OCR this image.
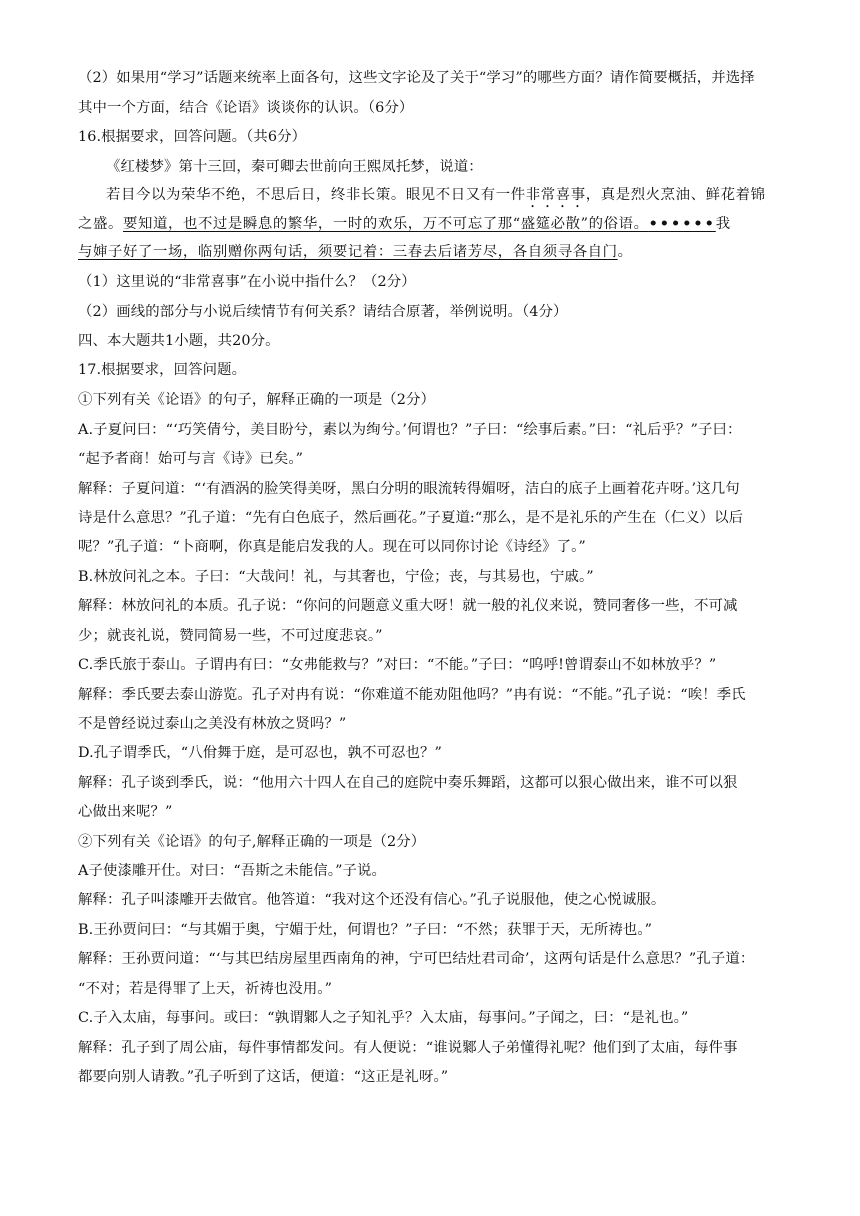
（2）如果用“学习”话题来统率上面各句，这些文字论及了关于“学习”的哪些方面？请作简要概括，并选择
其中一个方面，结合《论语》谈谈你的认识。（6分）
16.根据要求，回答问题。（共6分）
《红楼梦》第十三回，秦可卿去世前向王熙凤托梦，说道：
若目今以为荣华不绝，不思后日，终非长策。眼见不日又有一件非常喜事，真是烈火烹油、鲜花着锦
之盛。要知道，也不过是瞬息的繁华，一时的欢乐，万不可忘了那“盛筵必散”的俗语。••••••我
与婶子好了一场，临别赠你两句话，须要记着：三春去后诸芳尽，各自须寻各自门。
（1）这里说的“非常喜事”在小说中指什么？（2分）
（2）画线的部分与小说后续情节有何关系？请结合原著，举例说明。（4分）
四、本大题共1小题，共20分。
17.根据要求，回答问题。
①下列有关《论语》的句子，解释正确的一项是（2分）
A.子夏问曰：“‘巧笑倩兮，美目盼兮，素以为绚兮。’何谓也？”子曰：“绘事后素。”曰：“礼后乎？”子曰：
“起予者商！始可与言《诗》已矣。”
解释：子夏问道：“‘有酒涡的脸笑得美呀，黑白分明的眼流转得媚呀，洁白的底子上画着花卉呀。’这几句
诗是什么意思？”孔子道：“先有白色底子，然后画花。”子夏道:“那么，是不是礼乐的产生在（仁义）以后
呢？”孔子道：“卜商啊，你真是能启发我的人。现在可以同你讨论《诗经》了。”
B.林放问礼之本。子曰：“大哉问！礼，与其奢也，宁俭；丧，与其易也，宁戚。”
解释：林放问礼的本质。孔子说：“你问的问题意义重大呀！就一般的礼仪来说，赞同奢侈一些，不可减
少；就丧礼说，赞同简易一些，不可过度悲哀。”
C.季氏旅于泰山。子谓冉有曰：“女弗能救与？”对曰：“不能。”子曰：“呜呼!曾谓泰山不如林放乎？”
解释：季氏要去泰山游览。孔子对冉有说：“你难道不能劝阻他吗？”冉有说：“不能。”孔子说：“唉！季氏
不是曾经说过泰山之美没有林放之贤吗？”
D.孔子谓季氏，“八佾舞于庭，是可忍也，孰不可忍也？”
解释：孔子谈到季氏，说：“他用六十四人在自己的庭院中奏乐舞蹈，这都可以狠心做出来，谁不可以狠
心做出来呢？”
②下列有关《论语》的句子,解释正确的一项是（2分）
A子使漆雕开仕。对曰：“吾斯之未能信。”子说。
解释：孔子叫漆雕开去做官。他答道：“我对这个还没有信心。”孔子说服他，使之心悦诚服。
B.王孙贾问曰：“与其媚于奥，宁媚于灶，何谓也？”子曰：“不然；获罪于天，无所祷也。”
解释：王孙贾问道：“‘与其巴结房屋里西南角的神，宁可巴结灶君司命’，这两句话是什么意思？”孔子道：
“不对；若是得罪了上天，祈祷也没用。”
C.子入太庙，每事问。或曰：“孰谓鄹人之子知礼乎？入太庙，每事问。”子闻之，曰：“是礼也。”
解释：孔子到了周公庙，每件事情都发问。有人便说：“谁说鄹人子弟懂得礼呢？他们到了太庙，每件事
都要向别人请教。”孔子听到了这话，便道：“这正是礼呀。”
